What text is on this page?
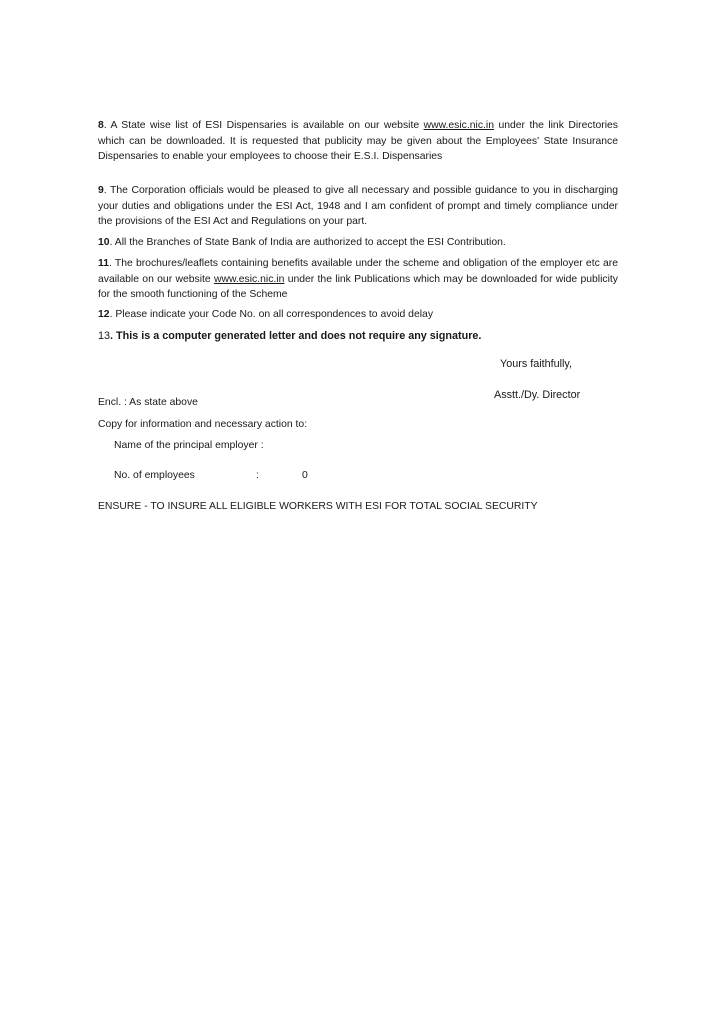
8. A State wise list of ESI Dispensaries is available on our website www.esic.nic.in under the link Directories which can be downloaded. It is requested that publicity may be given about the Employees' State Insurance Dispensaries to enable your employees to choose their E.S.I. Dispensaries

9. The Corporation officials would be pleased to give all necessary and possible guidance to you in discharging your duties and obligations under the ESI Act, 1948 and I am confident of prompt and timely compliance under the provisions of the ESI Act and Regulations on your part.

10. All the Branches of State Bank of India are authorized to accept the ESI Contribution.

11. The brochures/leaflets containing benefits available under the scheme and obligation of the employer etc are available on our website www.esic.nic.in under the link Publications which may be downloaded for wide publicity for the smooth functioning of the Scheme

12. Please indicate your Code No. on all correspondences to avoid delay

13. This is a computer generated letter and does not require any signature.

Yours faithfully,

Asstt./Dy. Director

Encl. : As state above

Copy for information and necessary action to:

Name of the principal employer :

No. of employees	:	0

ENSURE - TO INSURE ALL ELIGIBLE WORKERS WITH ESI FOR TOTAL SOCIAL SECURITY
